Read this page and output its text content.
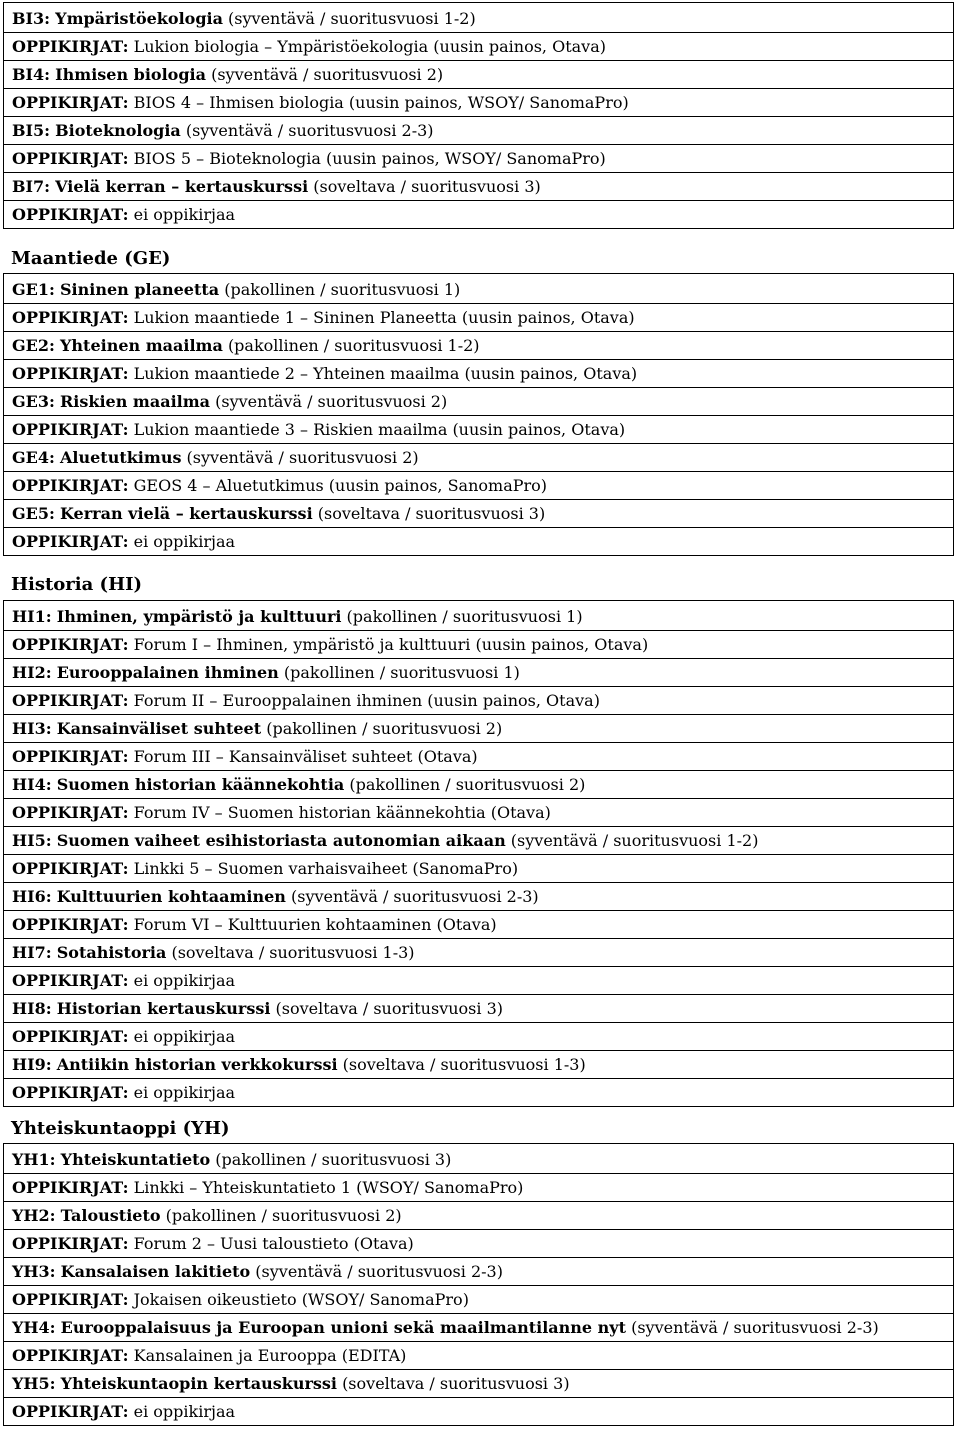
BI3: Ympäristöekologia (syventävä / suoritusvuosi 1-2)
OPPIKIRJAT: Lukion biologia – Ympäristöekologia (uusin painos, Otava)
BI4: Ihmisen biologia (syventävä / suoritusvuosi 2)
OPPIKIRJAT: BIOS 4 – Ihmisen biologia (uusin painos, WSOY/ SanomaPro)
BI5: Bioteknologia (syventävä / suoritusvuosi 2-3)
OPPIKIRJAT: BIOS 5 – Bioteknologia (uusin painos, WSOY/ SanomaPro)
BI7: Vielä kerran – kertauskurssi (soveltava / suoritusvuosi 3)
OPPIKIRJAT: ei oppikirjaa
Maantiede (GE)
GE1: Sininen planeetta (pakollinen / suoritusvuosi 1)
OPPIKIRJAT: Lukion maantiede 1 – Sininen Planeetta (uusin painos, Otava)
GE2: Yhteinen maailma (pakollinen / suoritusvuosi 1-2)
OPPIKIRJAT: Lukion maantiede 2 – Yhteinen maailma (uusin painos, Otava)
GE3: Riskien maailma (syventävä / suoritusvuosi 2)
OPPIKIRJAT: Lukion maantiede 3 – Riskien maailma (uusin painos, Otava)
GE4: Aluetutkimus (syventävä / suoritusvuosi 2)
OPPIKIRJAT: GEOS 4 – Aluetutkimus (uusin painos, SanomaPro)
GE5: Kerran vielä – kertauskurssi (soveltava / suoritusvuosi 3)
OPPIKIRJAT: ei oppikirjaa
Historia (HI)
HI1: Ihminen, ympäristö ja kulttuuri (pakollinen / suoritusvuosi 1)
OPPIKIRJAT: Forum I – Ihminen, ympäristö ja kulttuuri (uusin painos, Otava)
HI2: Eurooppalainen ihminen (pakollinen / suoritusvuosi 1)
OPPIKIRJAT: Forum II – Eurooppalainen ihminen (uusin painos, Otava)
HI3: Kansainväliset suhteet (pakollinen / suoritusvuosi 2)
OPPIKIRJAT: Forum III – Kansainväliset suhteet (Otava)
HI4: Suomen historian käännekohtia (pakollinen / suoritusvuosi 2)
OPPIKIRJAT: Forum IV – Suomen historian käännekohtia (Otava)
HI5: Suomen vaiheet esihistoriasta autonomian aikaan (syventävä / suoritusvuosi 1-2)
OPPIKIRJAT: Linkki 5 – Suomen varhaisvaiheet (SanomaPro)
HI6: Kulttuurien kohtaaminen (syventävä / suoritusvuosi 2-3)
OPPIKIRJAT: Forum VI – Kulttuurien kohtaaminen (Otava)
HI7: Sotahistoria (soveltava / suoritusvuosi 1-3)
OPPIKIRJAT: ei oppikirjaa
HI8: Historian kertauskurssi (soveltava / suoritusvuosi 3)
OPPIKIRJAT: ei oppikirjaa
HI9: Antiikin historian verkkokurssi (soveltava / suoritusvuosi 1-3)
OPPIKIRJAT: ei oppikirjaa
Yhteiskuntaoppi (YH)
YH1: Yhteiskuntatieto (pakollinen / suoritusvuosi 3)
OPPIKIRJAT: Linkki – Yhteiskuntatieto 1 (WSOY/ SanomaPro)
YH2: Taloustieto (pakollinen / suoritusvuosi 2)
OPPIKIRJAT: Forum 2 – Uusi taloustieto (Otava)
YH3: Kansalaisen lakitieto (syventävä / suoritusvuosi 2-3)
OPPIKIRJAT: Jokaisen oikeustieto (WSOY/ SanomaPro)
YH4: Eurooppalaisuus ja Euroopan unioni sekä maailmantilanne nyt (syventävä / suoritusvuosi 2-3)
OPPIKIRJAT: Kansalainen ja Eurooppa (EDITA)
YH5: Yhteiskuntaopin kertauskurssi (soveltava / suoritusvuosi 3)
OPPIKIRJAT: ei oppikirjaa
